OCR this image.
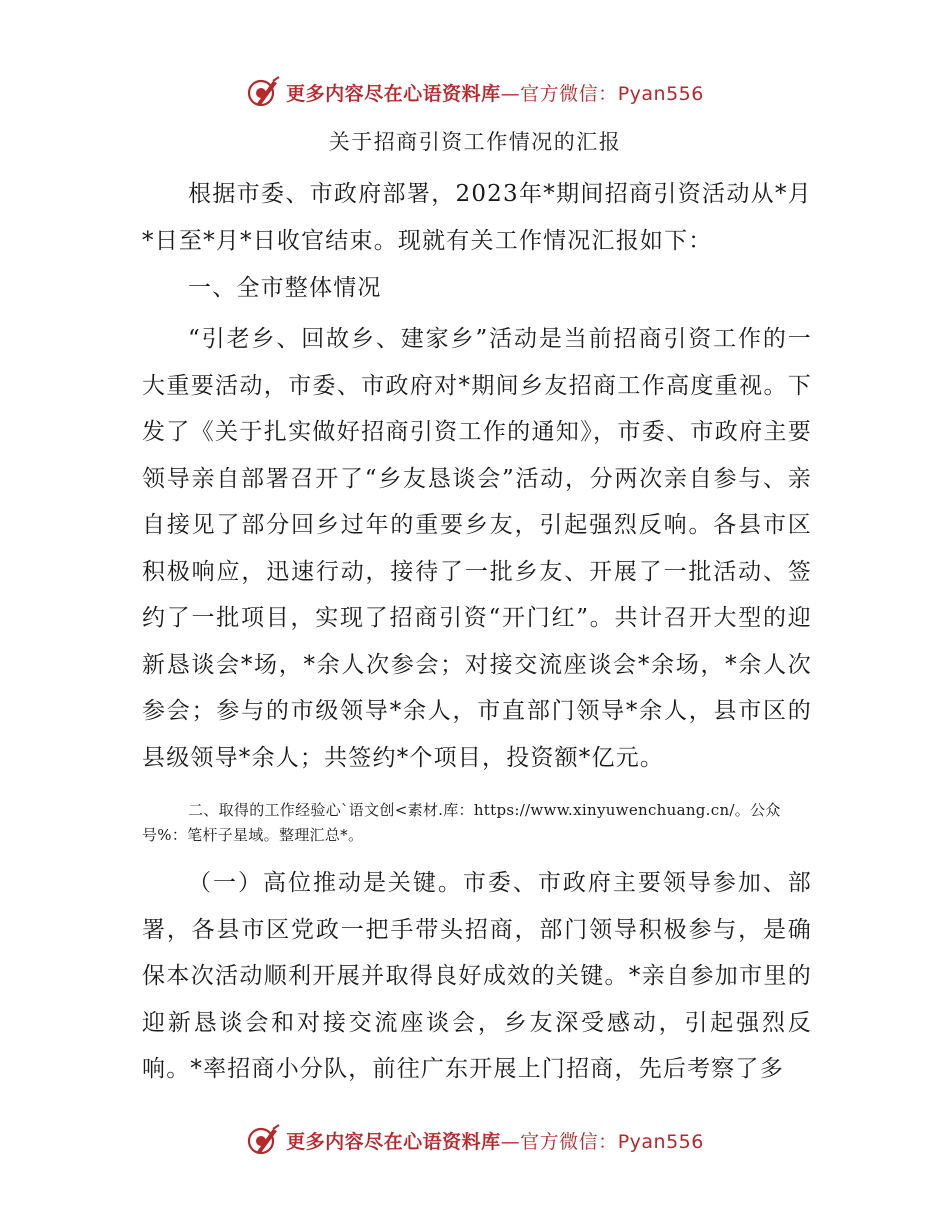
更多内容尽在心语资料库—官方微信：Pyan556
关于招商引资工作情况的汇报

根据市委、市政府部署，2023年*期间招商引资活动从*月*日至*月*日收官结束。现就有关工作情况汇报如下：

一、全市整体情况

“引老乡、回故乡、建家乡”活动是当前招商引资工作的一大重要活动，市委、市政府对*期间乡友招商工作高度重视。下发了《关于扎实做好招商引资工作的通知》，市委、市政府主要领导亲自部署召开了“乡友恳谈会”活动，分两次亲自参与、亲自接见了部分回乡过年的重要乡友，引起强烈反响。各县市区积极响应，迅速行动，接待了一批乡友、开展了一批活动、签约了一批项目，实现了招商引资“开门红”。共计召开大型的迎新恳谈会*场，*余人次参会；对接交流座谈会*余场，*余人次参会；参与的市级领导*余人，市直部门领导*余人，县市区的县级领导*余人；共签约*个项目，投资额*亿元。

二、取得的工作经验心`语文创<素材.库：https://www.xinyuwenchuang.cn/。公众号%：笔杆子星域。整理汇总*。

（一）高位推动是关键。市委、市政府主要领导参加、部署，各县市区党政一把手带头招商，部门领导积极参与，是确保本次活动顺利开展并取得良好成效的关键。*亲自参加市里的迎新恳谈会和对接交流座谈会，乡友深受感动，引起强烈反响。*率招商小分队，前往广东开展上门招商，先后考察了多

更多内容尽在心语资料库—官方微信：Pyan556
